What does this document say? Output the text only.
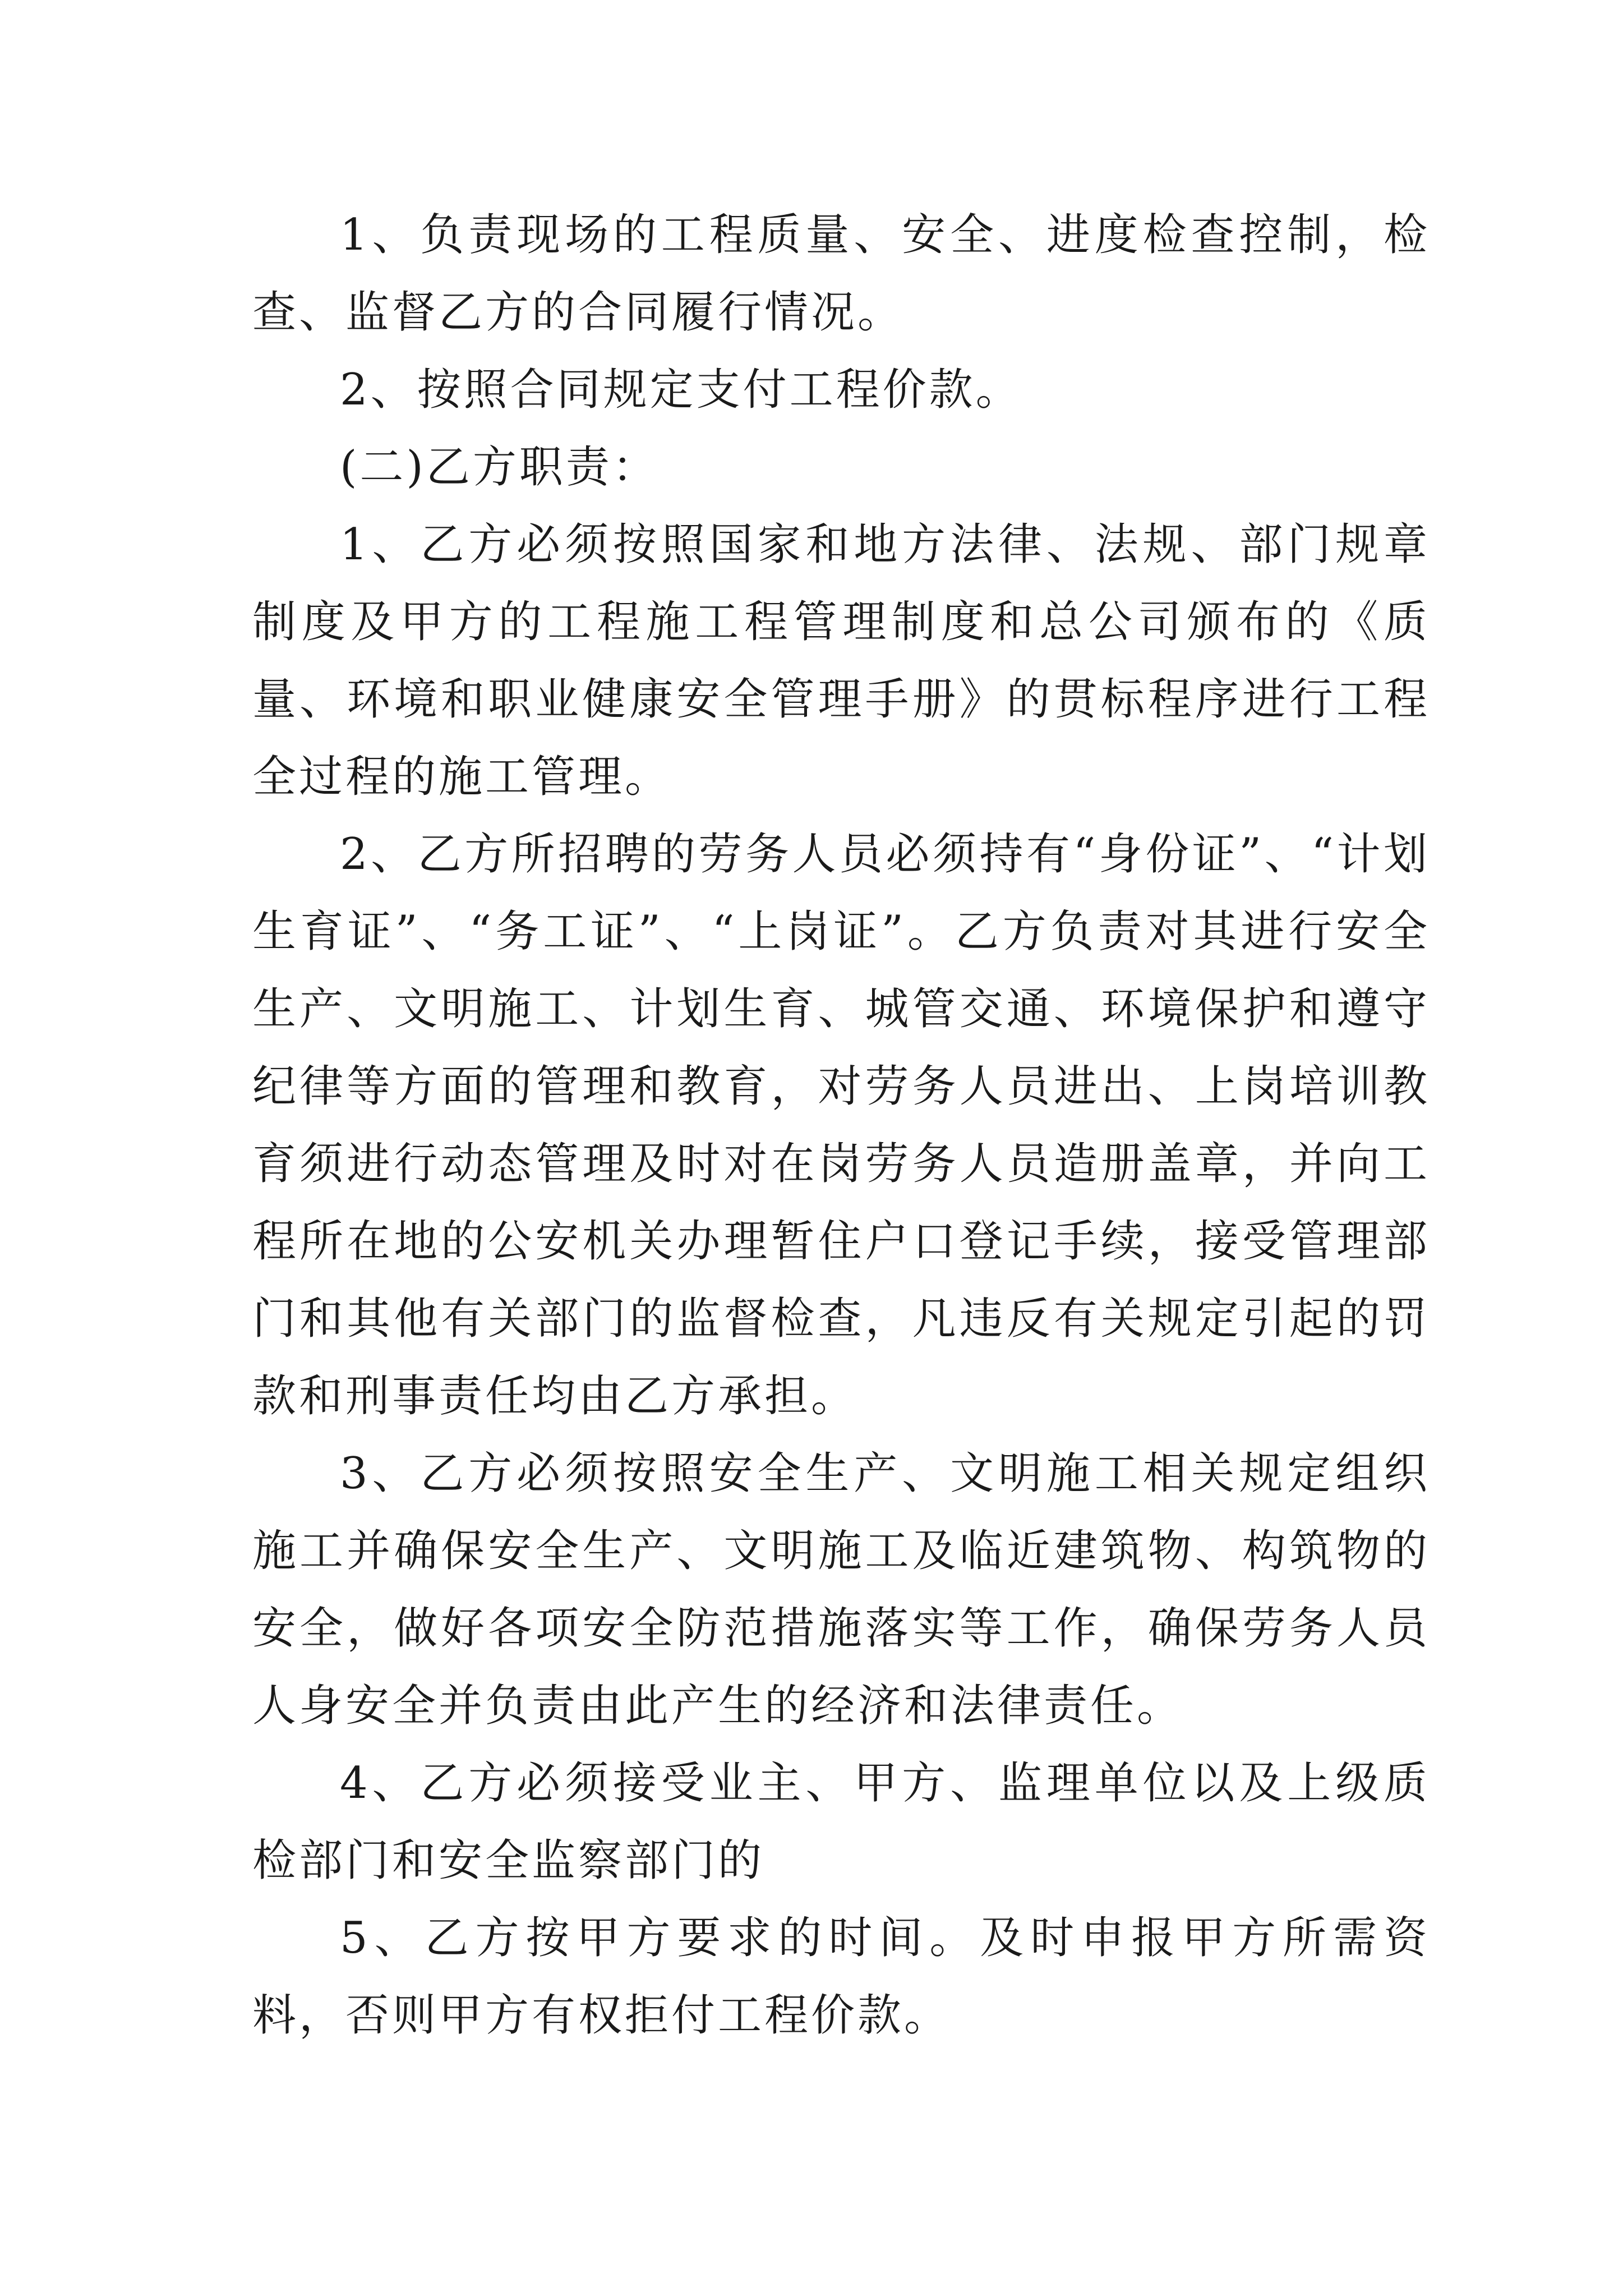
1、负责现场的工程质量、安全、进度检查控制，检查、监督乙方的合同履行情况。

2、按照合同规定支付工程价款。

(二)乙方职责：

1、乙方必须按照国家和地方法律、法规、部门规章制度及甲方的工程施工程管理制度和总公司颁布的《质量、环境和职业健康安全管理手册》的贯标程序进行工程全过程的施工管理。

2、乙方所招聘的劳务人员必须持有“身份证”、“计划生育证”、“务工证”、“上岗证”。乙方负责对其进行安全生产、文明施工、计划生育、城管交通、环境保护和遵守纪律等方面的管理和教育，对劳务人员进出、上岗培训教育须进行动态管理及时对在岗劳务人员造册盖章，并向工程所在地的公安机关办理暂住户口登记手续，接受管理部门和其他有关部门的监督检查，凡违反有关规定引起的罚款和刑事责任均由乙方承担。

3、乙方必须按照安全生产、文明施工相关规定组织施工并确保安全生产、文明施工及临近建筑物、构筑物的安全，做好各项安全防范措施落实等工作，确保劳务人员人身安全并负责由此产生的经济和法律责任。

4、乙方必须接受业主、甲方、监理单位以及上级质检部门和安全监察部门的

5、乙方按甲方要求的时间。及时申报甲方所需资料，否则甲方有权拒付工程价款。
